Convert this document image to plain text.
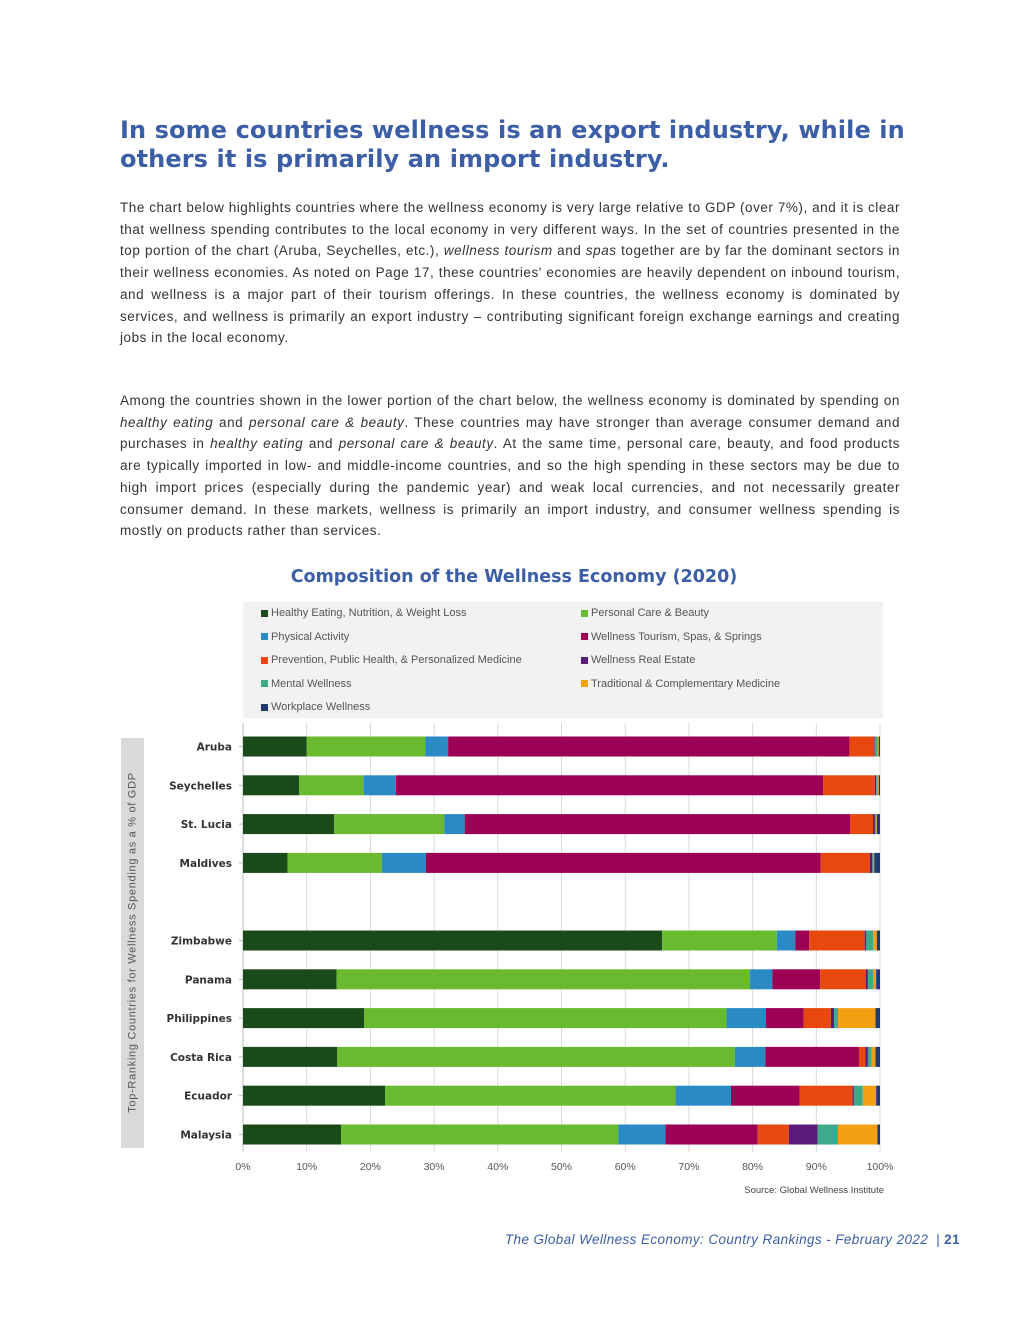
In some countries wellness is an export industry, while in others it is primarily an import industry.

The chart below highlights countries where the wellness economy is very large relative to GDP (over 7%), and it is clear that wellness spending contributes to the local economy in very different ways. In the set of countries presented in the top portion of the chart (Aruba, Seychelles, etc.), wellness tourism and spas together are by far the dominant sectors in their wellness economies. As noted on Page 17, these countries' economies are heavily dependent on inbound tourism, and wellness is a major part of their tourism offerings. In these countries, the wellness economy is dominated by services, and wellness is primarily an export industry – contributing significant foreign exchange earnings and creating jobs in the local economy.

Among the countries shown in the lower portion of the chart below, the wellness economy is dominated by spending on healthy eating and personal care & beauty. These countries may have stronger than average consumer demand and purchases in healthy eating and personal care & beauty. At the same time, personal care, beauty, and food products are typically imported in low- and middle-income countries, and so the high spending in these sectors may be due to high import prices (especially during the pandemic year) and weak local currencies, and not necessarily greater consumer demand. In these markets, wellness is primarily an import industry, and consumer wellness spending is mostly on products rather than services.

Composition of the Wellness Economy (2020)
Healthy Eating, Nutrition, & Weight Loss	Personal Care & Beauty
Physical Activity	Wellness Tourism, Spas, & Springs
Prevention, Public Health, & Personalized Medicine	Wellness Real Estate
Mental Wellness	Traditional & Complementary Medicine
Workplace Wellness
Top-Ranking Countries for Wellness Spending as a % of GDP
0%	10%	20%	30%	40%	50%	60%	70%	80%	90%	100%
Aruba
Seychelles
St. Lucia
Maldives
Zimbabwe
Panama
Philippines
Costa Rica
Ecuador
Malaysia
Source: Global Wellness Institute
The Global Wellness Economy: Country Rankings - February 2022 | 21
